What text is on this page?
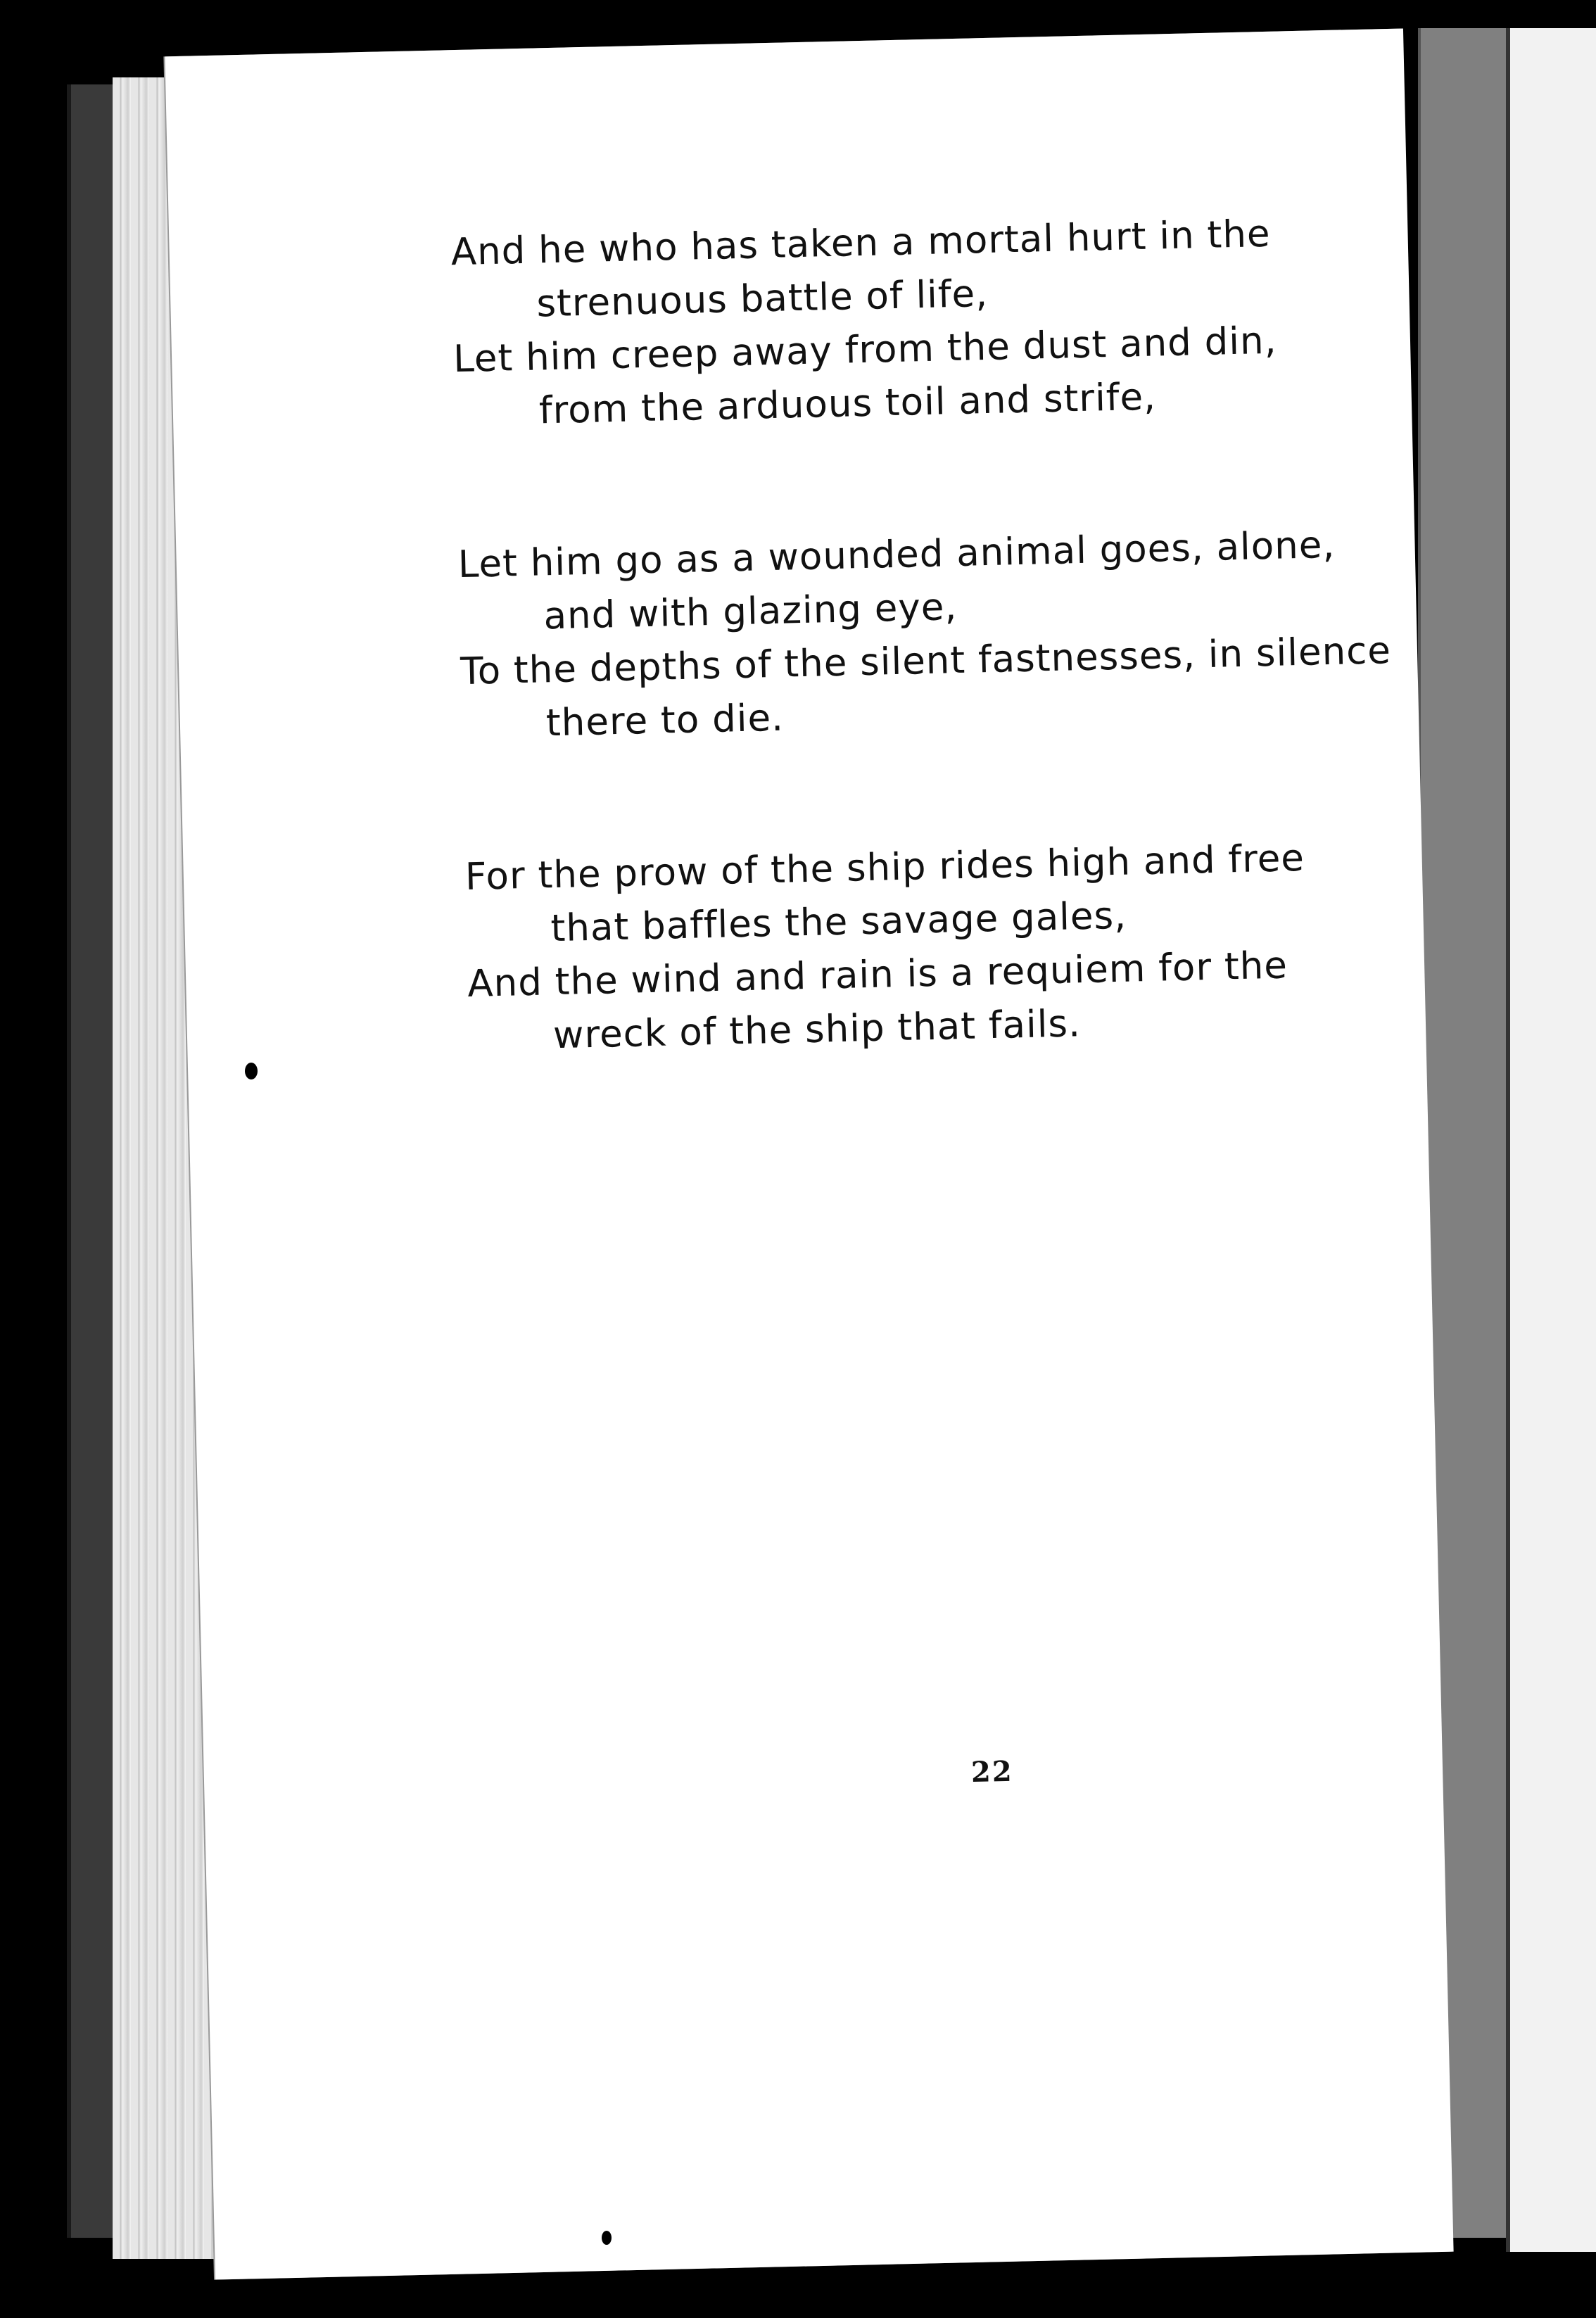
And he who has taken a mortal hurt in the
strenuous battle of life,
Let him creep away from the dust and din,
from the arduous toil and strife,
Let him go as a wounded animal goes, alone,
and with glazing eye,
To the depths of the silent fastnesses, in silence
there to die.
For the prow of the ship rides high and free
that baffles the savage gales,
And the wind and rain is a requiem for the
wreck of the ship that fails.
22
